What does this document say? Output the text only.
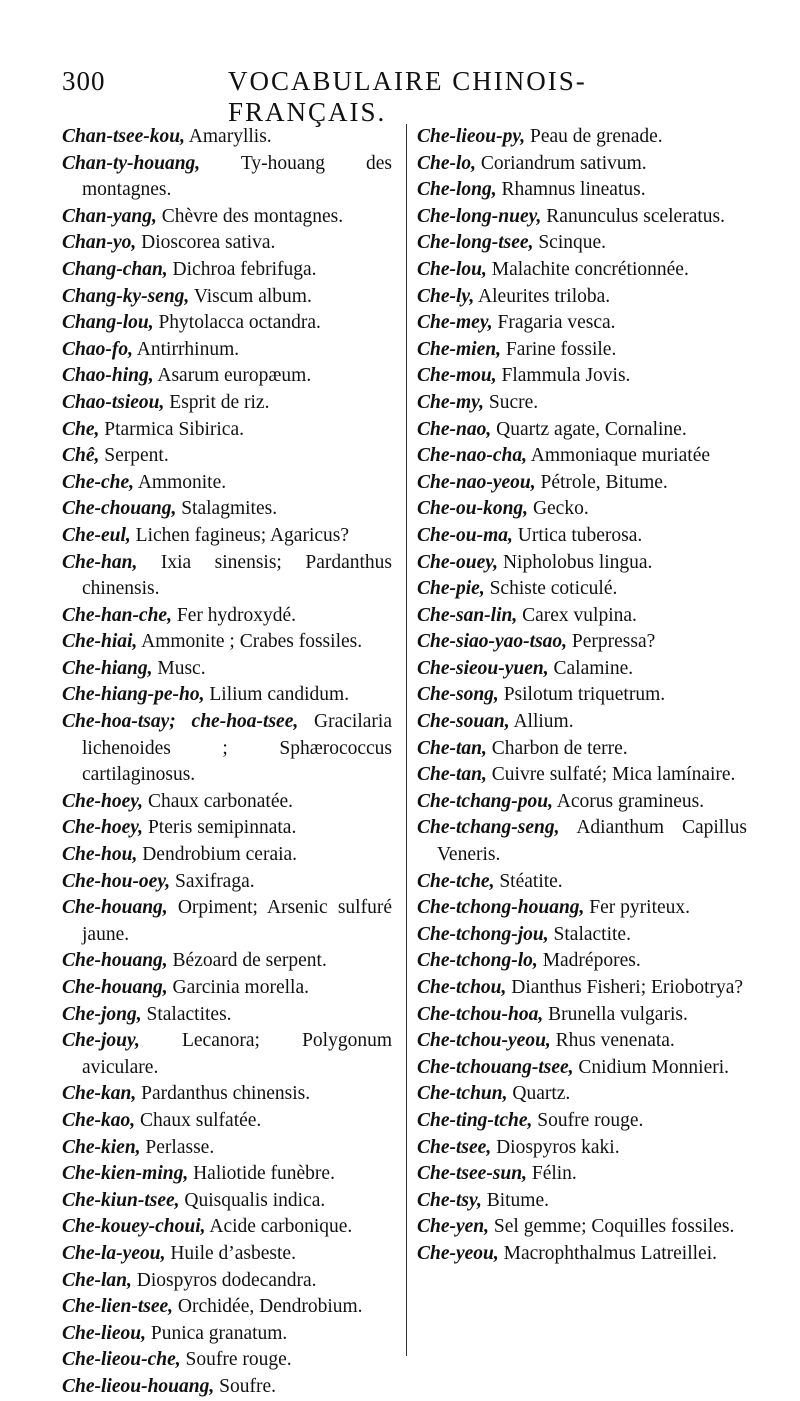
300	VOCABULAIRE CHINOIS-FRANÇAIS.
Chan-tsee-kou, Amaryllis.
Chan-ty-houang, Ty-houang des montagnes.
Chan-yang, Chèvre des montagnes.
Chan-yo, Dioscorea sativa.
Chang-chan, Dichroa febrifuga.
Chang-ky-seng, Viscum album.
Chang-lou, Phytolacca octandra.
Chao-fo, Antirrhinum.
Chao-hing, Asarum europæum.
Chao-tsieou, Esprit de riz.
Che, Ptarmica Sibirica.
Chê, Serpent.
Che-che, Ammonite.
Che-chouang, Stalagmites.
Che-eul, Lichen fagineus; Agaricus?
Che-han, Ixia sinensis; Pardanthus chinensis.
Che-han-che, Fer hydroxydé.
Che-hiai, Ammonite ; Crabes fossiles.
Che-hiang, Musc.
Che-hiang-pe-ho, Lilium candidum.
Che-hoa-tsay; che-hoa-tsee, Gracilaria lichenoides ; Sphærococcus cartilaginosus.
Che-hoey, Chaux carbonatée.
Che-hoey, Pteris semipinnata.
Che-hou, Dendrobium ceraia.
Che-hou-oey, Saxifraga.
Che-houang, Orpiment; Arsenic sulfuré jaune.
Che-houang, Bézoard de serpent.
Che-houang, Garcinia morella.
Che-jong, Stalactites.
Che-jouy, Lecanora; Polygonum aviculare.
Che-kan, Pardanthus chinensis.
Che-kao, Chaux sulfatée.
Che-kien, Perlasse.
Che-kien-ming, Haliotide funèbre.
Che-kiun-tsee, Quisqualis indica.
Che-koueу-choui, Acide carbonique.
Che-la-yeou, Huile d’asbeste.
Che-lan, Diospyros dodecandra.
Che-lien-tsee, Orchidée, Dendrobium.
Che-lieou, Punica granatum.
Che-lieou-che, Soufre rouge.
Che-lieou-houang, Soufre.
Che-lieou-py, Peau de grenade.
Che-lo, Coriandrum sativum.
Che-long, Rhamnus lineatus.
Che-long-nuey, Ranunculus sceleratus.
Che-long-tsee, Scinque.
Che-lou, Malachite concrétionnée.
Che-ly, Aleurites triloba.
Che-mey, Fragaria vesca.
Che-mien, Farine fossile.
Che-mou, Flammula Jovis.
Che-my, Sucre.
Che-nao, Quartz agate, Cornaline.
Che-nao-cha, Ammoniaque muriatée
Che-nao-yeou, Pétrole, Bitume.
Che-ou-kong, Gecko.
Che-ou-ma, Urtica tuberosa.
Che-ouey, Nipholobus lingua.
Che-pie, Schiste coticulé.
Che-san-lin, Carex vulpina.
Che-siao-yao-tsao, Perpressa?
Che-sieou-yuen, Calamine.
Che-song, Psilotum triquetrum.
Che-souan, Allium.
Che-tan, Charbon de terre.
Che-tan, Cuivre sulfaté; Mica lamínaire.
Che-tchang-pou, Acorus gramineus.
Che-tchang-seng, Adianthum Capillus Veneris.
Che-tche, Stéatite.
Che-tchong-houang, Fer pyriteux.
Che-tchong-jou, Stalactite.
Che-tchong-lo, Madrépores.
Che-tchou, Dianthus Fisheri; Eriobotrya?
Che-tchou-hoa, Brunella vulgaris.
Che-tchou-yeou, Rhus venenata.
Che-tchouang-tsee, Cnidium Monnieri.
Che-tchun, Quartz.
Che-ting-tche, Soufre rouge.
Che-tsee, Diospyros kaki.
Che-tsee-sun, Félin.
Che-tsy, Bitume.
Che-yen, Sel gemme; Coquilles fossiles.
Che-yeou, Macrophthalmus Latreillei.
